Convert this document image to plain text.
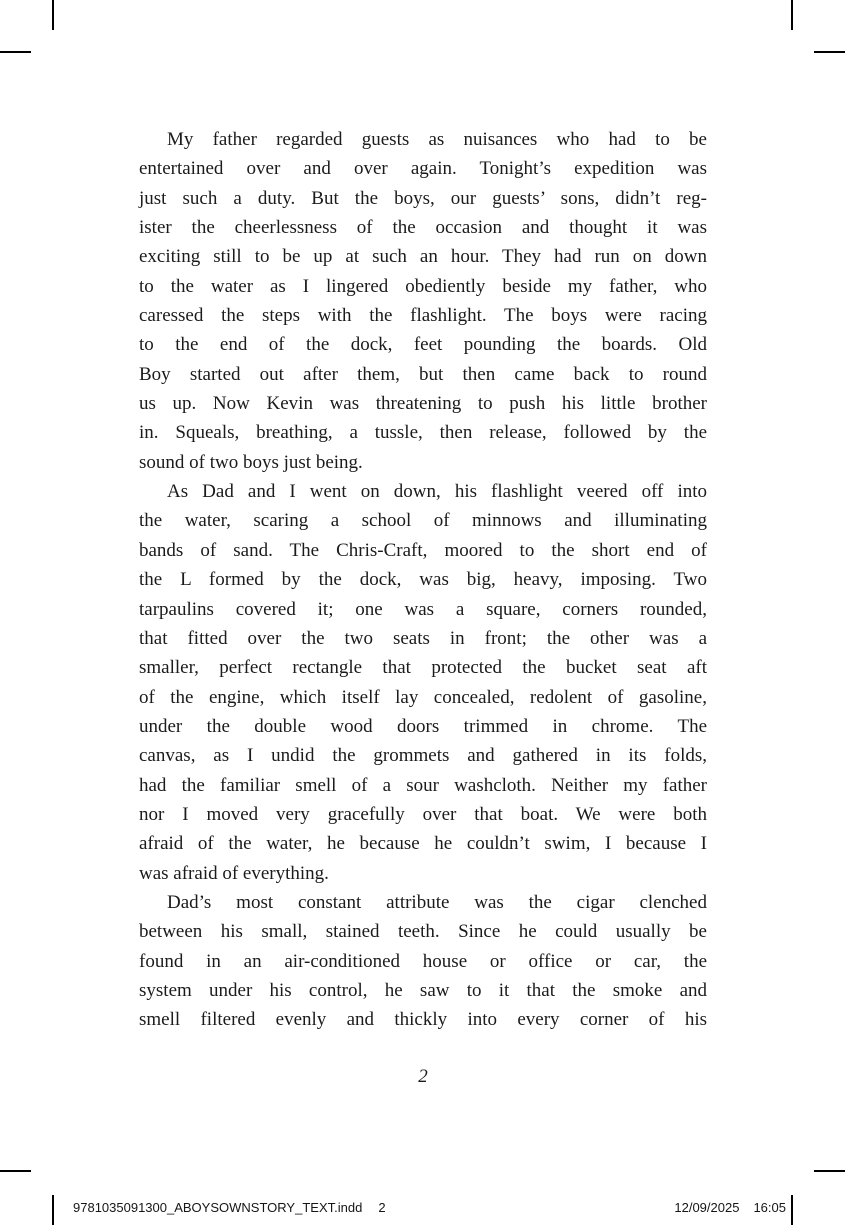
My father regarded guests as nuisances who had to be
entertained over and over again. Tonight’s expedition was
just such a duty. But the boys, our guests’ sons, didn’t reg-
ister the cheerlessness of the occasion and thought it was
exciting still to be up at such an hour. They had run on down
to the water as I lingered obediently beside my father, who
caressed the steps with the flashlight. The boys were racing
to the end of the dock, feet pounding the boards. Old
Boy started out after them, but then came back to round
us up. Now Kevin was threatening to push his little brother
in. Squeals, breathing, a tussle, then release, followed by the
sound of two boys just being.
As Dad and I went on down, his flashlight veered off into
the water, scaring a school of minnows and illuminating
bands of sand. The Chris-Craft, moored to the short end of
the L formed by the dock, was big, heavy, imposing. Two
tarpaulins covered it; one was a square, corners rounded,
that fitted over the two seats in front; the other was a
smaller, perfect rectangle that protected the bucket seat aft
of the engine, which itself lay concealed, redolent of gasoline,
under the double wood doors trimmed in chrome. The
canvas, as I undid the grommets and gathered in its folds,
had the familiar smell of a sour washcloth. Neither my father
nor I moved very gracefully over that boat. We were both
afraid of the water, he because he couldn’t swim, I because I
was afraid of everything.
Dad’s most constant attribute was the cigar clenched
between his small, stained teeth. Since he could usually be
found in an air-conditioned house or office or car, the
system under his control, he saw to it that the smoke and
smell filtered evenly and thickly into every corner of his
2
9781035091300_ABOYSOWNSTORY_TEXT.indd 2	12/09/2025 16:05
